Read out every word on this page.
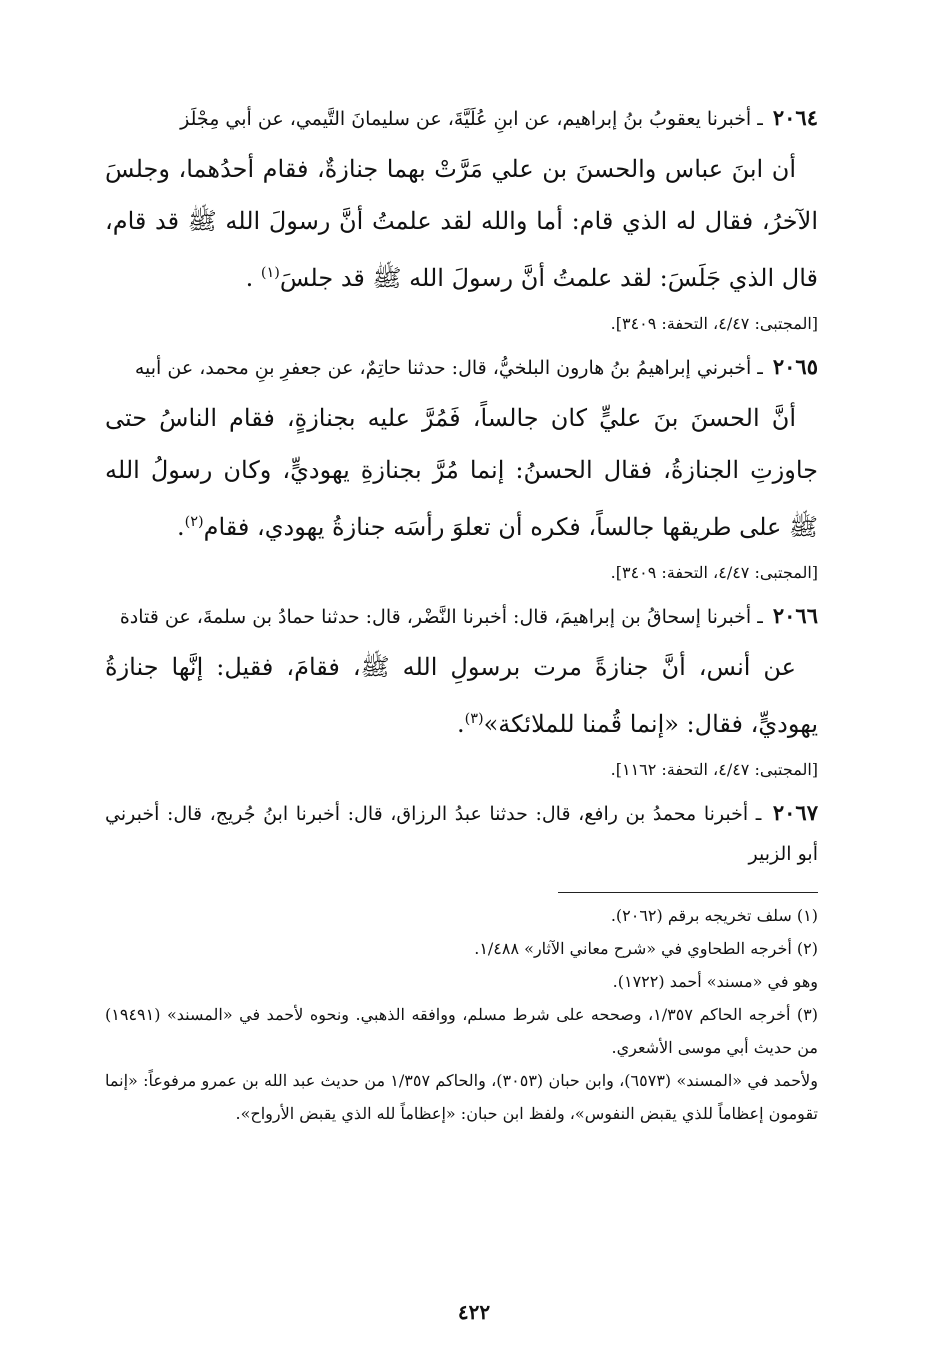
٢٠٦٤ ـ أخبرنا يعقوبُ بنُ إبراهيم، عن ابنِ عُلَيَّةَ، عن سليمانَ التَّيمي، عن أبي مِجْلَز
أن ابنَ عباس والحسنَ بن علي مَرَّتْ بهما جنازةٌ، فقام أحدُهما، وجلسَ الآخرُ، فقال له الذي قام: أما والله لقد علمتُ أنَّ رسولَ الله ﷺ قد قام، قال الذي جَلَسَ: لقد علمتُ أنَّ رسولَ الله ﷺ قد جلسَ$^{(١)}$ .
[المجتبى: ٤/٤٧، التحفة: ٣٤٠٩].
٢٠٦٥ ـ أخبرني إبراهيمُ بنُ هارون البلخيُّ، قال: حدثنا حاتِمٌ، عن جعفرِ بنِ محمد، عن أبيه
أنَّ الحسنَ بنَ عليٍّ كان جالساً، فَمُرَّ عليه بجنازةٍ، فقام الناسُ حتى جاوزتِ الجنازةُ، فقال الحسنُ: إنما مُرَّ بجنازةِ يهوديٍّ، وكان رسولُ الله ﷺ على طريقها جالساً، فكره أن تعلوَ رأسَه جنازةُ يهودي، فقام$^{(٢)}$.
[المجتبى: ٤/٤٧، التحفة: ٣٤٠٩].
٢٠٦٦ ـ أخبرنا إسحاقُ بن إبراهيمَ، قال: أخبرنا النَّضْر، قال: حدثنا حمادُ بن سلمةَ، عن قتادة
عن أنس، أنَّ جنازةً مرت برسولِ الله ﷺ، فقامَ، فقيل: إنَّها جنازةُ يهوديٍّ، فقال: «إنما قُمنا للملائكة»$^{(٣)}$.
[المجتبى: ٤/٤٧، التحفة: ١١٦٢].
٢٠٦٧ ـ أخبرنا محمدُ بن رافع، قال: حدثنا عبدُ الرزاق، قال: أخبرنا ابنُ جُريج، قال: أخبرني أبو الزبير
(١) سلف تخريجه برقم (٢٠٦٢).
(٢) أخرجه الطحاوي في «شرح معاني الآثار» ١/٤٨٨.
وهو في «مسند» أحمد (١٧٢٢).
(٣) أخرجه الحاكم ١/٣٥٧، وصححه على شرط مسلم، ووافقه الذهبي. ونحوه لأحمد في «المسند» (١٩٤٩١) من حديث أبي موسى الأشعري.
ولأحمد في «المسند» (٦٥٧٣)، وابن حبان (٣٠٥٣)، والحاكم ١/٣٥٧ من حديث عبد الله بن عمرو مرفوعاً: «إنما تقومون إعظاماً للذي يقبض النفوس»، ولفظ ابن حبان: «إعظاماً لله الذي يقبض الأرواح».
٤٢٢
